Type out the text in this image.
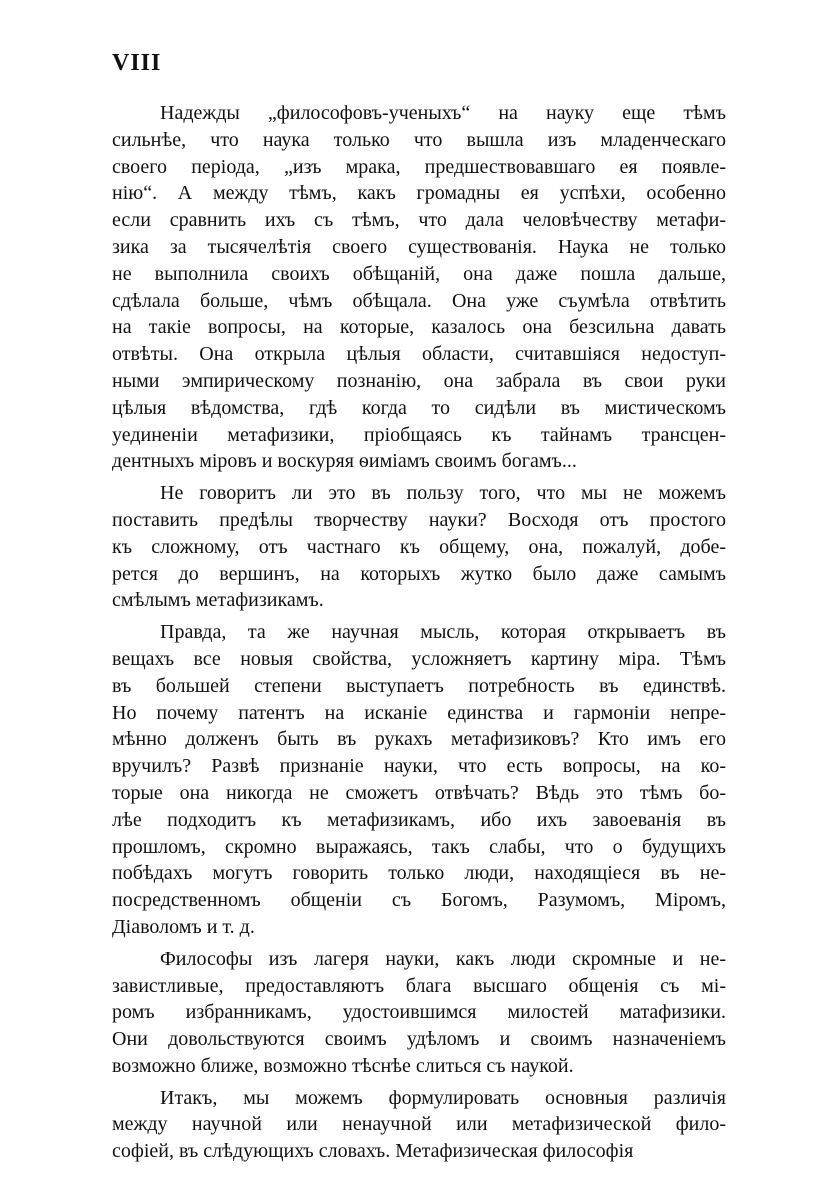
VIII

Надежды „философовъ-ученыхъ“ на науку еще тѣмъ
сильнѣе, что наука только что вышла изъ младенческаго
своего періода, „изъ мрака, предшествовавшаго ея появле-
нію“. А между тѣмъ, какъ громадны ея успѣхи, особенно
если сравнить ихъ съ тѣмъ, что дала человѣчеству метафи-
зика за тысячелѣтія своего существованія. Наука не только
не выполнила своихъ обѣщаній, она даже пошла дальше,
сдѣлала больше, чѣмъ обѣщала. Она уже съумѣла отвѣтить
на такіе вопросы, на которые, казалось она безсильна давать
отвѣты. Она открыла цѣлыя области, считавшіяся недоступ-
ными эмпирическому познанію, она забрала въ свои руки
цѣлыя вѣдомства, гдѣ когда то сидѣли въ мистическомъ
уединеніи метафизики, пріобщаясь къ тайнамъ трансцен-
дентныхъ міровъ и воскуряя ѳиміамъ своимъ богамъ...

Не говоритъ ли это въ пользу того, что мы не можемъ
поставить предѣлы творчеству науки? Восходя отъ простого
къ сложному, отъ частнаго къ общему, она, пожалуй, добе-
рется до вершинъ, на которыхъ жутко было даже самымъ
смѣлымъ метафизикамъ.

Правда, та же научная мысль, которая открываетъ въ
вещахъ все новыя свойства, усложняетъ картину міра. Тѣмъ
въ большей степени выступаетъ потребность въ единствѣ.
Но почему патентъ на исканіе единства и гармоніи непре-
мѣнно долженъ быть въ рукахъ метафизиковъ? Кто имъ его
вручилъ? Развѣ признаніе науки, что есть вопросы, на ко-
торые она никогда не сможетъ отвѣчать? Вѣдь это тѣмъ бо-
лѣе подходитъ къ метафизикамъ, ибо ихъ завоеванія въ
прошломъ, скромно выражаясь, такъ слабы, что о будущихъ
побѣдахъ могутъ говорить только люди, находящіеся въ не-
посредственномъ общеніи съ Богомъ, Разумомъ, Міромъ,
Діаволомъ и т. д.

Философы изъ лагеря науки, какъ люди скромные и не-
завистливые, предоставляютъ блага высшаго общенія съ мі-
ромъ избранникамъ, удостоившимся милостей матафизики.
Они довольствуются своимъ удѣломъ и своимъ назначеніемъ
возможно ближе, возможно тѣснѣе слиться съ наукой.

Итакъ, мы можемъ формулировать основныя различія
между научной или ненаучной или метафизической фило-
софіей, въ слѣдующихъ словахъ. Метафизическая философія
